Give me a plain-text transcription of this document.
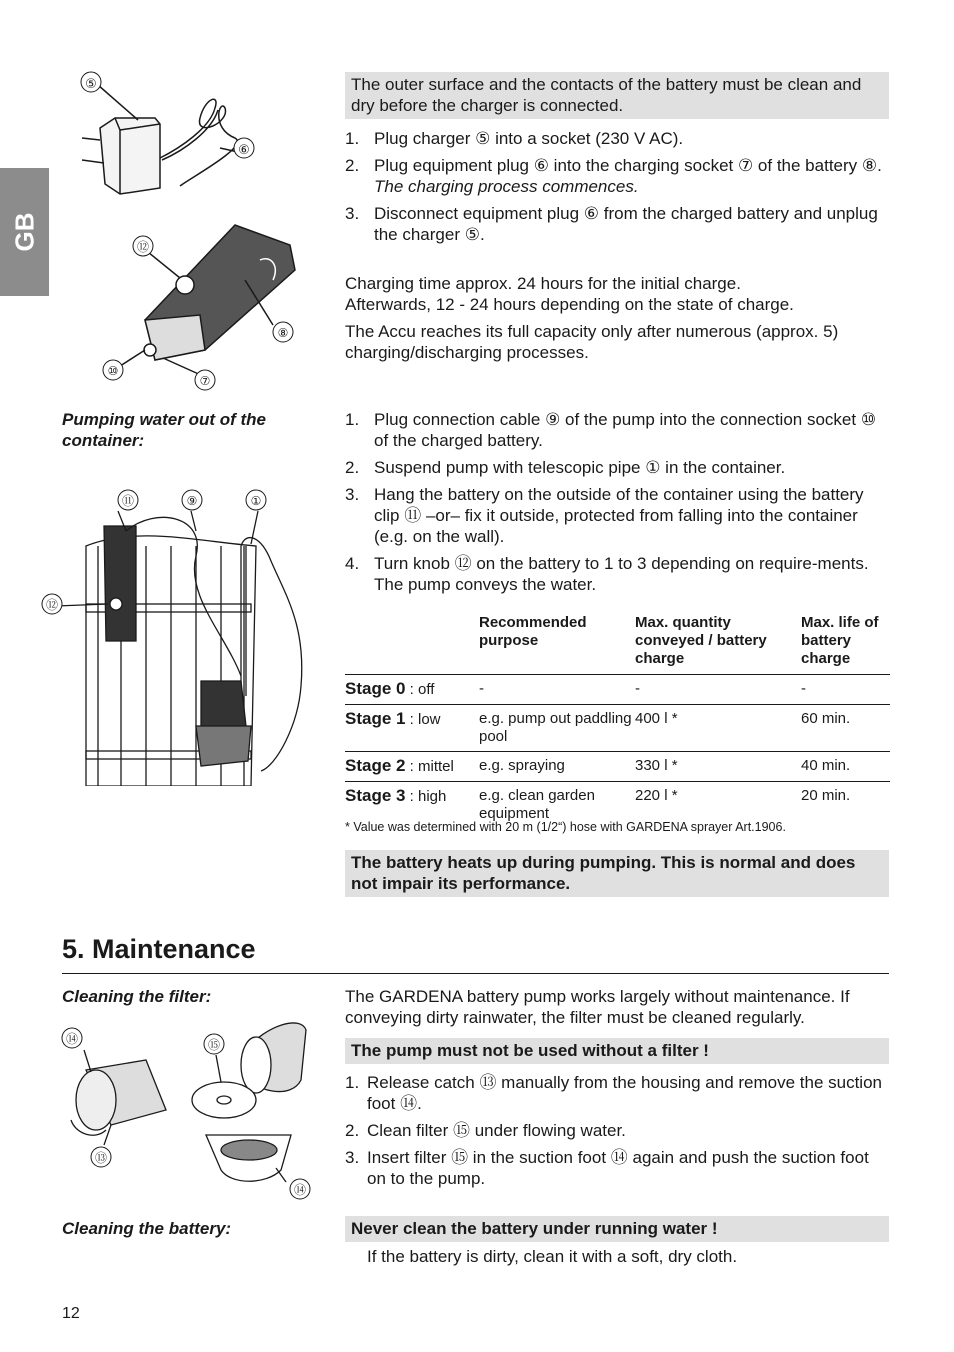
GB
⑤
⑥
⑫
⑧
⑩
⑦
The outer surface and the contacts of the battery must be clean and dry before the charger is connected.
1. Plug charger ⑤ into a socket (230 V AC).
2. Plug equipment plug ⑥ into the charging socket ⑦ of the battery ⑧.
The charging process commences.
3. Disconnect equipment plug ⑥ from the charged battery and unplug the charger ⑤.
Charging time approx. 24 hours for the initial charge.
Afterwards, 12 - 24 hours depending on the state of charge.
The Accu reaches its full capacity only after numerous (approx. 5) charging/discharging processes.
Pumping water out of the container:
⑪	⑨	①
⑫
1. Plug connection cable ⑨ of the pump into the connection socket ⑩ of the charged battery.
2. Suspend pump with telescopic pipe ① in the container.
3. Hang the battery on the outside of the container using the battery clip ⑪ –or– fix it outside, protected from falling into the container (e.g. on the wall).
4. Turn knob ⑫ on the battery to 1 to 3 depending on require-ments. The pump conveys the water.
	Recommended purpose	Max. quantity conveyed / battery charge	Max. life of battery charge
Stage 0 : off	-	-	-
Stage 1 : low	e.g. pump out paddling pool	400 l *	60 min.
Stage 2 : mittel	e.g. spraying	330 l *	40 min.
Stage 3 : high	e.g. clean garden equipment	220 l *	20 min.
* Value was determined with 20 m (1/2“) hose with GARDENA sprayer Art.1906.
The battery heats up during pumping. This is normal and does not impair its performance.
5. Maintenance
Cleaning the filter:
⑭	⑮
⑬
⑭
The GARDENA battery pump works largely without maintenance. If conveying dirty rainwater, the filter must be cleaned regularly.
The pump must not be used without a filter !
1. Release catch ⑬ manually from the housing and remove the suction foot ⑭.
2. Clean filter ⑮ under flowing water.
3. Insert filter ⑮ in the suction foot ⑭ again and push the suction foot on to the pump.
Cleaning the battery:	Never clean the battery under running water !
If the battery is dirty, clean it with a soft, dry cloth.
12
